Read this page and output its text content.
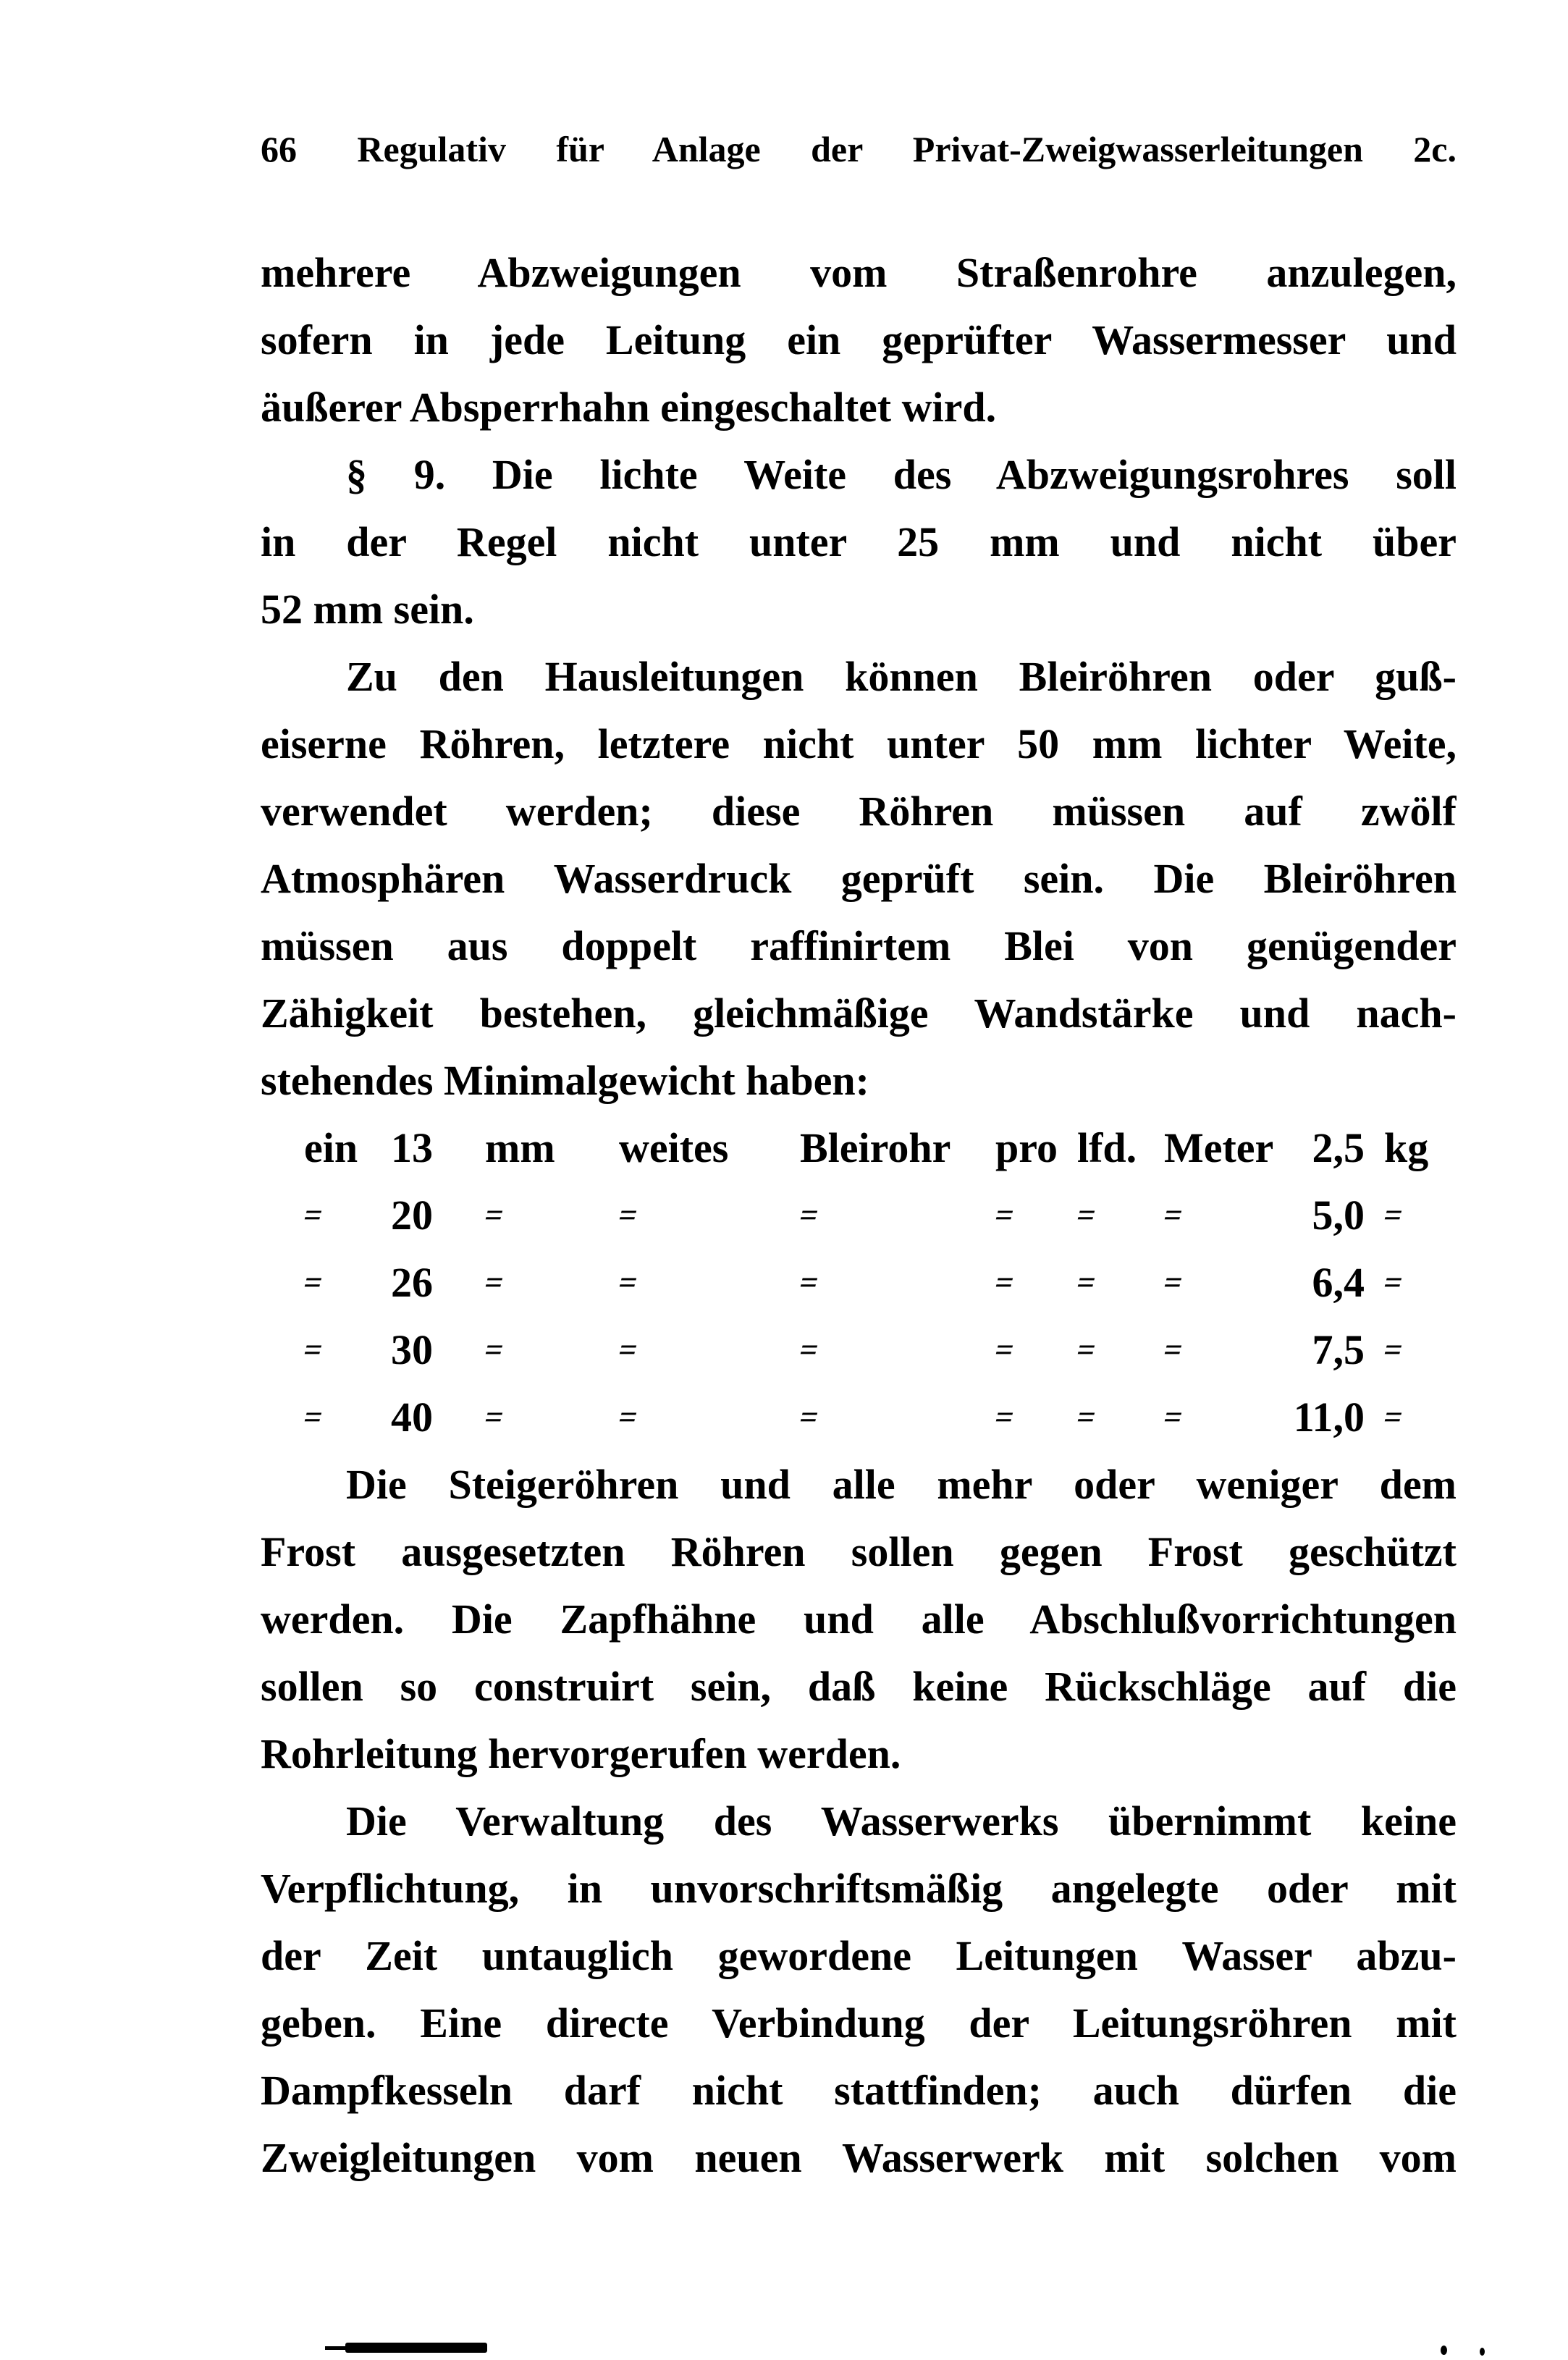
66 Regulativ für Anlage der Privat-Zweigwasserleitungen 2c.
mehrere Abzweigungen vom Straßenrohre anzulegen,
sofern in jede Leitung ein geprüfter Wassermesser und
äußerer Absperrhahn eingeschaltet wird.
§ 9. Die lichte Weite des Abzweigungsrohres soll
in der Regel nicht unter 25 mm und nicht über
52 mm sein.
Zu den Hausleitungen können Bleiröhren oder guß-
eiserne Röhren, letztere nicht unter 50 mm lichter Weite,
verwendet werden; diese Röhren müssen auf zwölf
Atmosphären Wasserdruck geprüft sein. Die Bleiröhren
müssen aus doppelt raffinirtem Blei von genügender
Zähigkeit bestehen, gleichmäßige Wandstärke und nach-
stehendes Minimalgewicht haben:
ein 13 mm weites Bleirohr pro lfd. Meter 2,5 kg
=	20 =	=	=	=	=	=	5,0 =
=	26 =	=	=	=	=	=	6,4 =
=	30 =	=	=	=	=	=	7,5 =
=	40 =	=	=	=	=	=	11,0 =
Die Steigeröhren und alle mehr oder weniger dem
Frost ausgesetzten Röhren sollen gegen Frost geschützt
werden. Die Zapfhähne und alle Abschlußvorrichtungen
sollen so construirt sein, daß keine Rückschläge auf die
Rohrleitung hervorgerufen werden.
Die Verwaltung des Wasserwerks übernimmt keine
Verpflichtung, in unvorschriftsmäßig angelegte oder mit
der Zeit untauglich gewordene Leitungen Wasser abzu-
geben. Eine directe Verbindung der Leitungsröhren mit
Dampfkesseln darf nicht stattfinden; auch dürfen die
Zweigleitungen vom neuen Wasserwerk mit solchen vom
